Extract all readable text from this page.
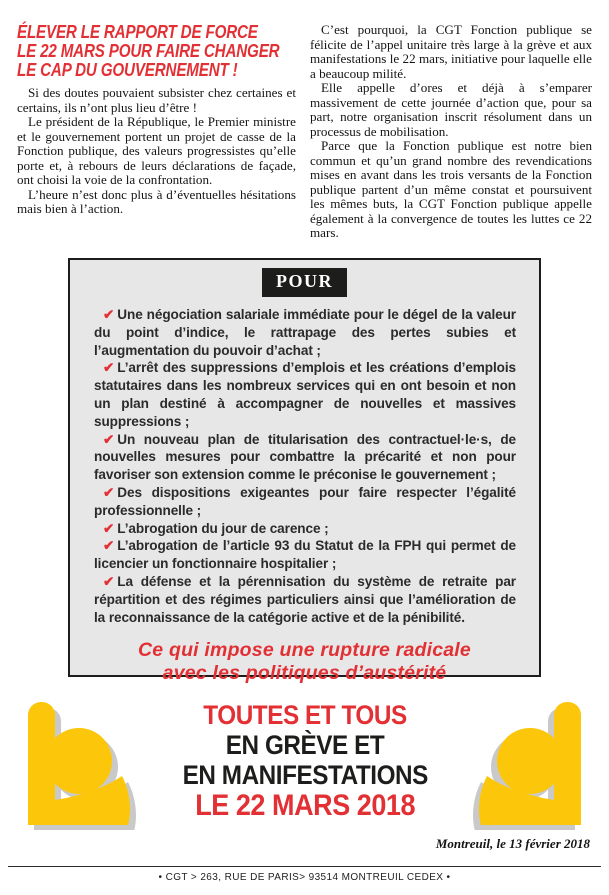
ÉLEVER LE RAPPORT DE FORCE
LE 22 MARS POUR FAIRE CHANGER
LE CAP DU GOUVERNEMENT !

Si des doutes pouvaient subsister chez certaines et certains, ils n’ont plus lieu d’être !

Le président de la République, le Premier ministre et le gouvernement portent un projet de casse de la Fonction publique, des valeurs progressistes qu’elle porte et, à rebours de leurs déclarations de façade, ont choisi la voie de la confrontation.

L’heure n’est donc plus à d’éventuelles hésitations mais bien à l’action.

C’est pourquoi, la CGT Fonction publique se félicite de l’appel unitaire très large à la grève et aux manifestations le 22 mars, initiative pour laquelle elle a beaucoup milité.

Elle appelle d’ores et déjà à s’emparer massivement de cette journée d’action que, pour sa part, notre organisation inscrit résolument dans un processus de mobilisation.

Parce que la Fonction publique est notre bien commun et qu’un grand nombre des revendications mises en avant dans les trois versants de la Fonction publique partent d’un même constat et poursuivent les mêmes buts, la CGT Fonction publique appelle également à la convergence de toutes les luttes ce 22 mars.

POUR

✔ Une négociation salariale immédiate pour le dégel de la valeur du point d’indice, le rattrapage des pertes subies et l’augmentation du pouvoir d’achat ;

✔ L’arrêt des suppressions d’emplois et les créations d’emplois statutaires dans les nombreux services qui en ont besoin et non un plan destiné à accompagner de nouvelles et massives suppressions ;

✔ Un nouveau plan de titularisation des contractuel·le·s, de nouvelles mesures pour combattre la précarité et non pour favoriser son extension comme le préconise le gouvernement ;

✔ Des dispositions exigeantes pour faire respecter l’égalité professionnelle ;

✔ L’abrogation du jour de carence ;

✔ L’abrogation de l’article 93 du Statut de la FPH qui permet de licencier un fonctionnaire hospitalier ;

✔ La défense et la pérennisation du système de retraite par répartition et des régimes particuliers ainsi que l’amélioration de la reconnaissance de la catégorie active et de la pénibilité.

Ce qui impose une rupture radicale
avec les politiques d’austérité
TOUTES ET TOUS
EN GRÈVE ET
EN MANIFESTATIONS
LE 22 MARS 2018
Montreuil, le 13 février 2018
• CGT > 263, RUE DE PARIS> 93514 MONTREUIL CEDEX •
